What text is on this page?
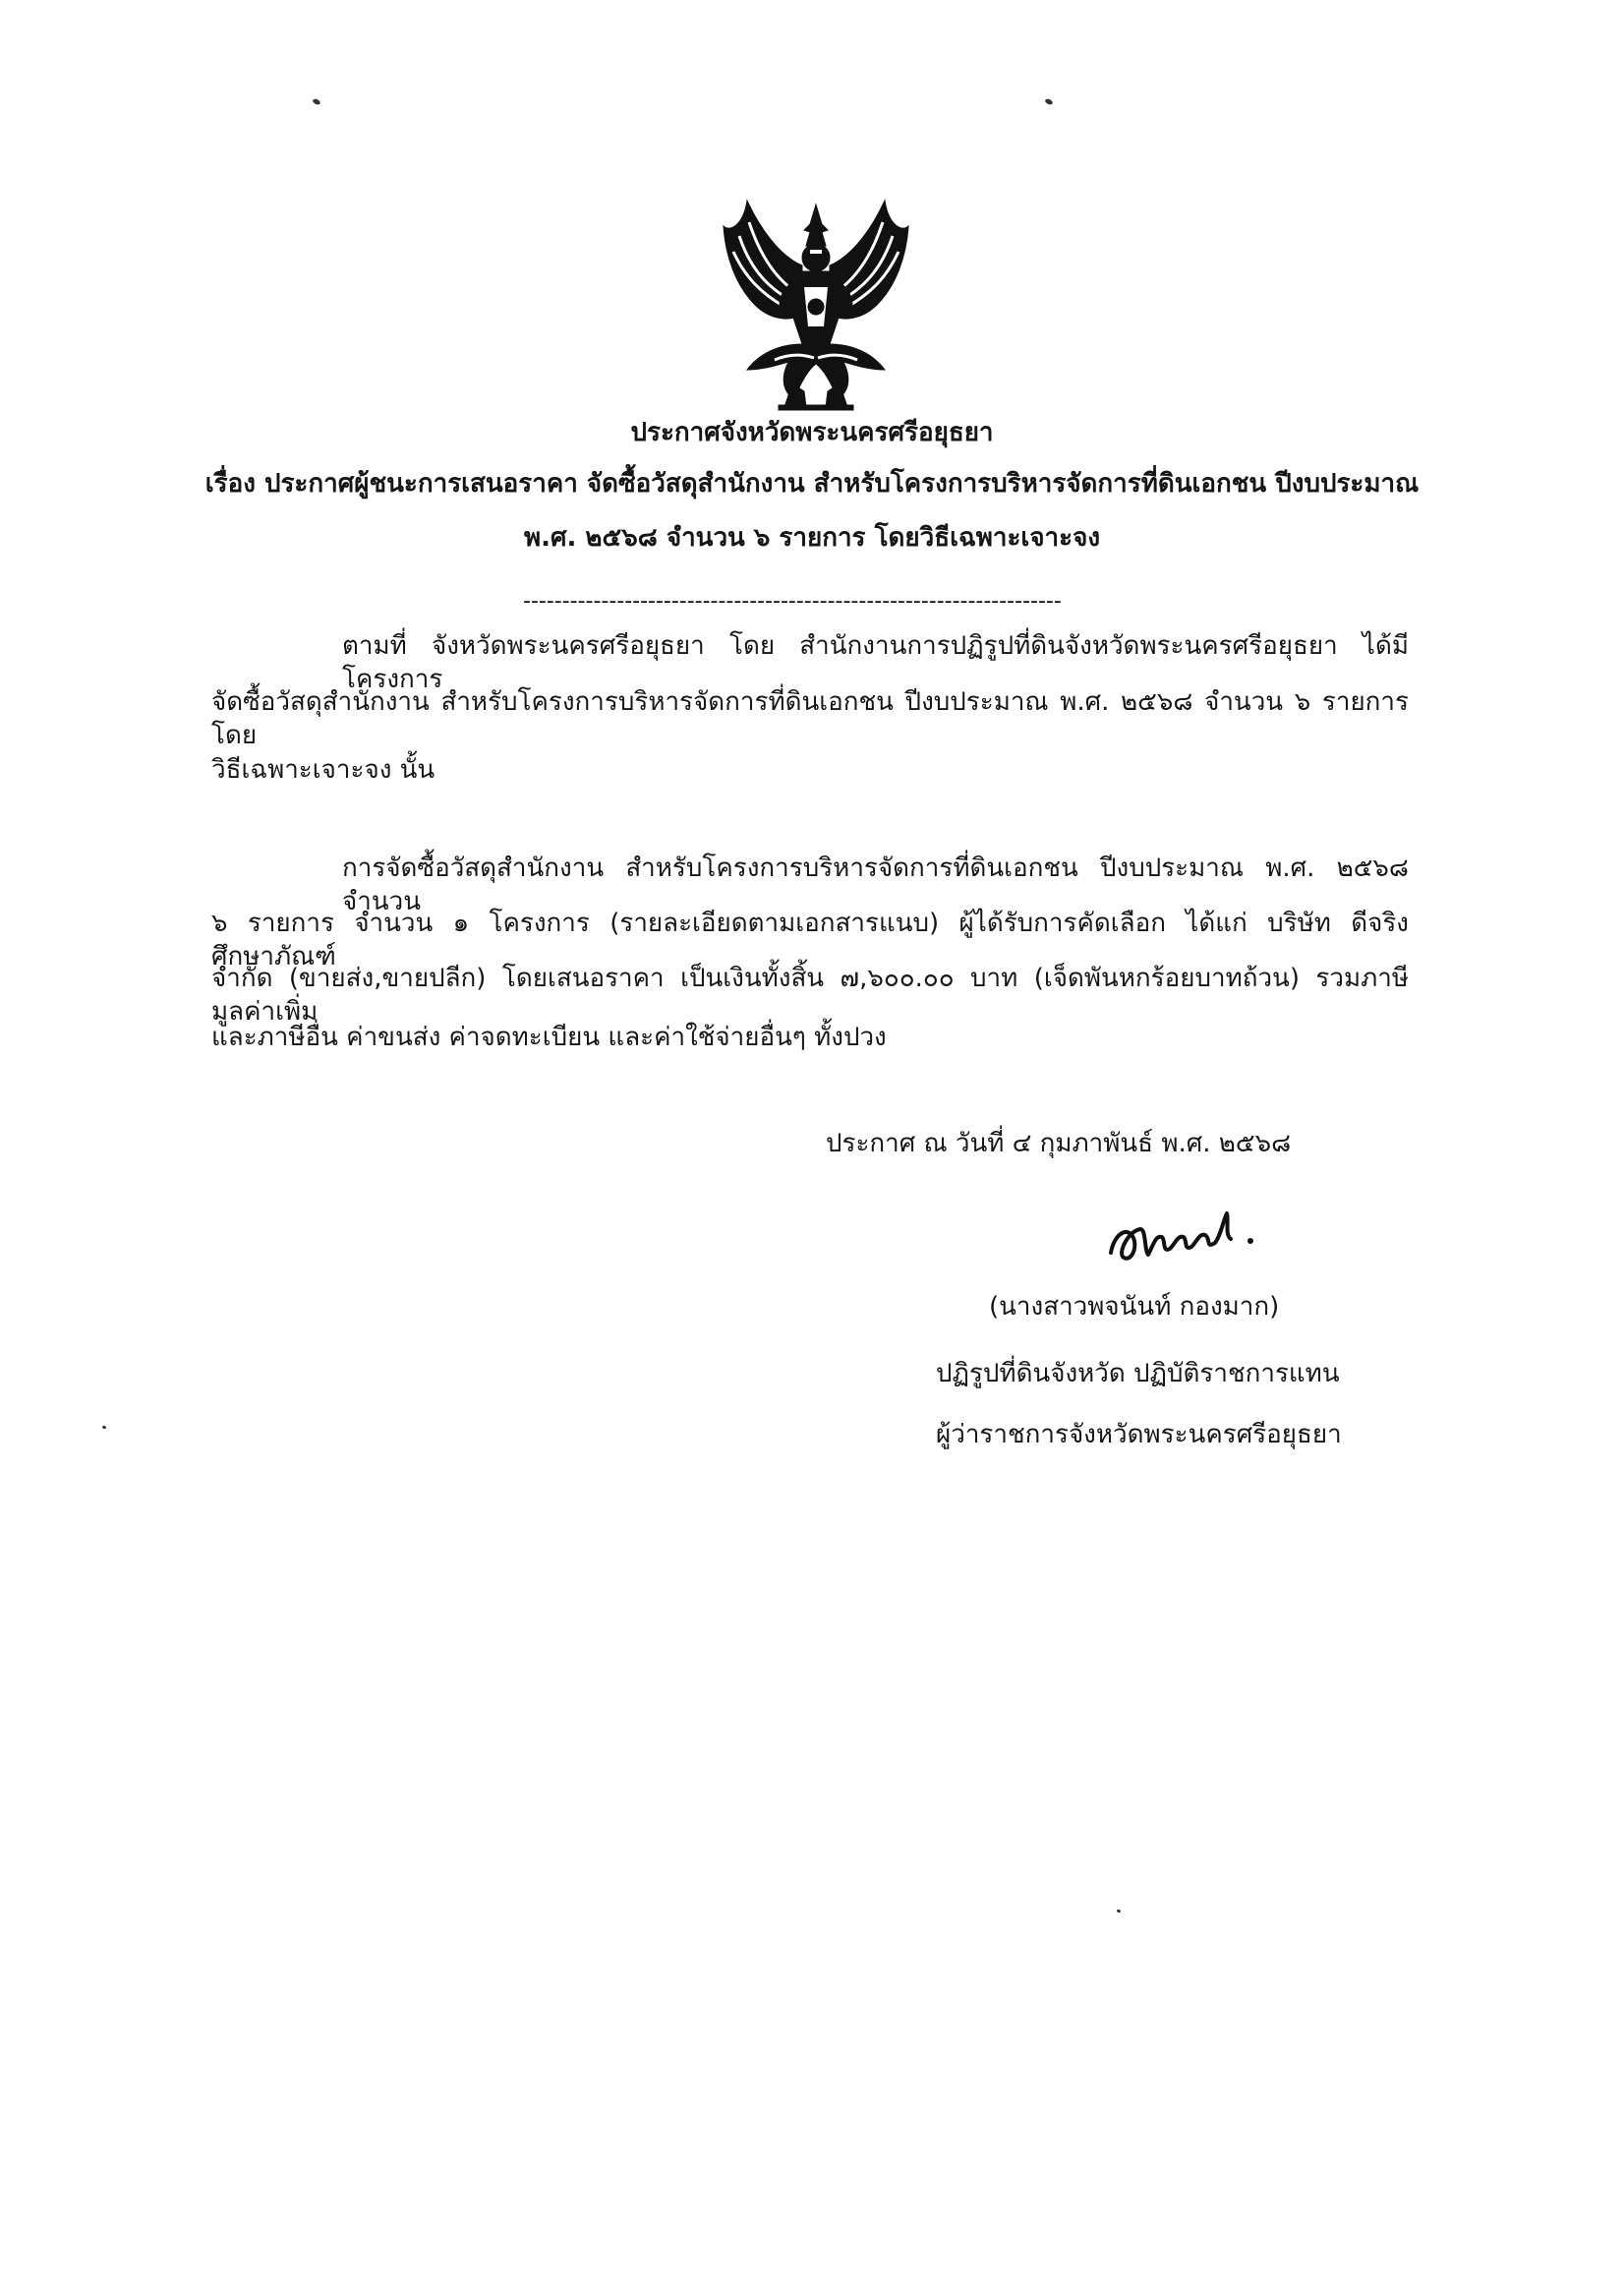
ประกาศจังหวัดพระนครศรีอยุธยา
เรื่อง ประกาศผู้ชนะการเสนอราคา จัดซื้อวัสดุสำนักงาน สำหรับโครงการบริหารจัดการที่ดินเอกชน ปีงบประมาณ
พ.ศ. ๒๕๖๘ จำนวน ๖ รายการ โดยวิธีเฉพาะเจาะจง
---------------------------------------------------------------------
ตามที่ จังหวัดพระนครศรีอยุธยา โดย สำนักงานการปฏิรูปที่ดินจังหวัดพระนครศรีอยุธยา ได้มีโครงการ
จัดซื้อวัสดุสำนักงาน สำหรับโครงการบริหารจัดการที่ดินเอกชน ปีงบประมาณ พ.ศ. ๒๕๖๘ จำนวน ๖ รายการ โดย
วิธีเฉพาะเจาะจง นั้น
การจัดซื้อวัสดุสำนักงาน สำหรับโครงการบริหารจัดการที่ดินเอกชน ปีงบประมาณ พ.ศ. ๒๕๖๘ จำนวน
๖ รายการ จำนวน ๑ โครงการ (รายละเอียดตามเอกสารแนบ) ผู้ได้รับการคัดเลือก ได้แก่ บริษัท ดีจริงศึกษาภัณฑ์
จำกัด (ขายส่ง,ขายปลีก) โดยเสนอราคา เป็นเงินทั้งสิ้น ๗,๖๐๐.๐๐ บาท (เจ็ดพันหกร้อยบาทถ้วน) รวมภาษีมูลค่าเพิ่ม
และภาษีอื่น ค่าขนส่ง ค่าจดทะเบียน และค่าใช้จ่ายอื่นๆ ทั้งปวง
ประกาศ ณ วันที่ ๔ กุมภาพันธ์ พ.ศ. ๒๕๖๘
(นางสาวพจนันท์ กองมาก)
ปฏิรูปที่ดินจังหวัด ปฏิบัติราชการแทน
ผู้ว่าราชการจังหวัดพระนครศรีอยุธยา
